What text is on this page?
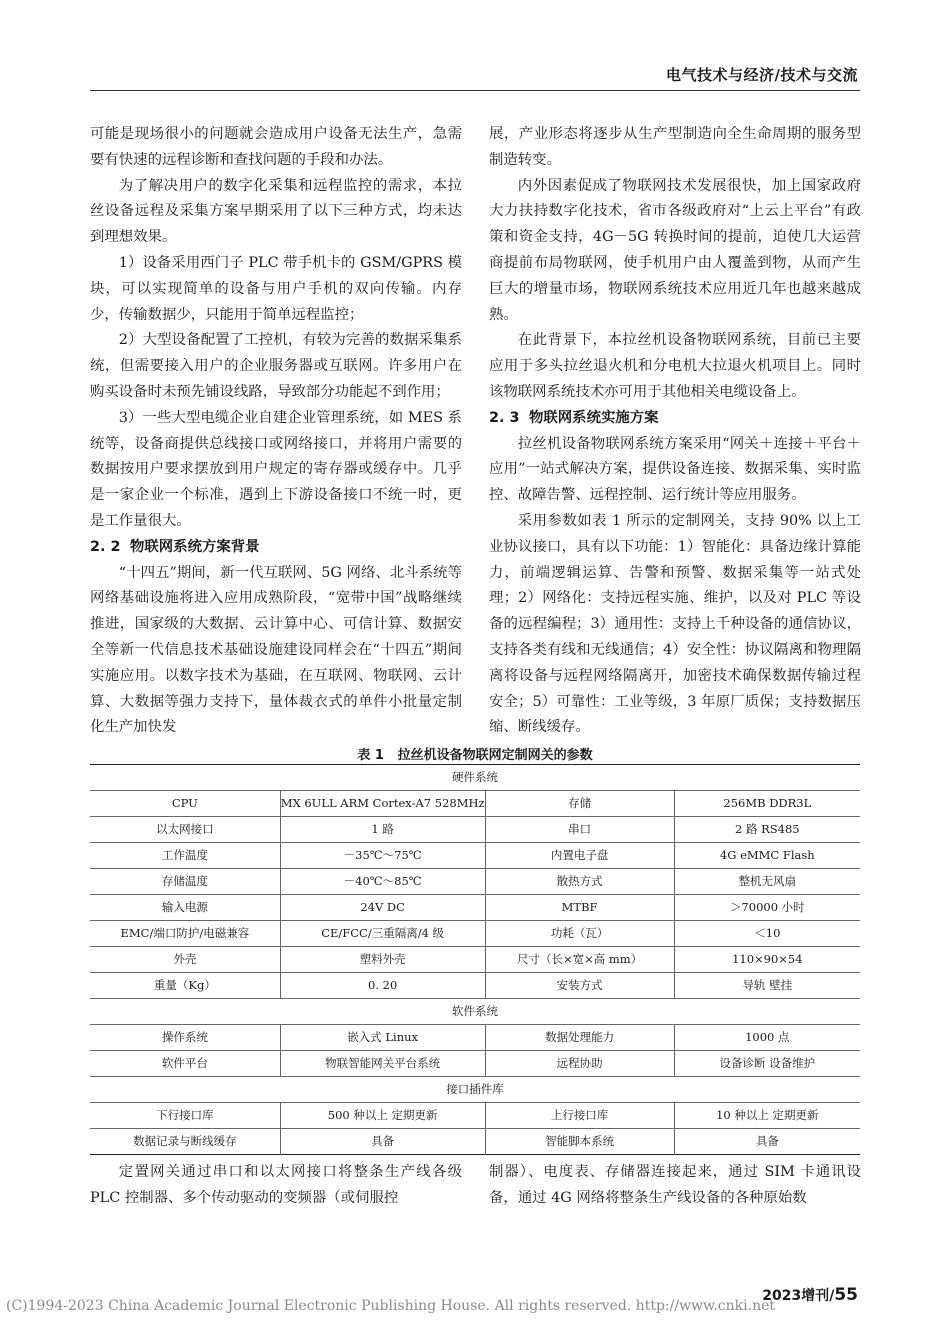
电气技术与经济∕技术与交流

可能是现场很小的问题就会造成用户设备无法生产，急需要有快速的远程诊断和查找问题的手段和办法。

为了解决用户的数字化采集和远程监控的需求，本拉丝设备远程及采集方案早期采用了以下三种方式，均未达到理想效果。

1）设备采用西门子 PLC 带手机卡的 GSM/GPRS 模块，可以实现简单的设备与用户手机的双向传输。内存少，传输数据少，只能用于简单远程监控；

2）大型设备配置了工控机，有较为完善的数据采集系统，但需要接入用户的企业服务器或互联网。许多用户在购买设备时未预先铺设线路，导致部分功能起不到作用；

3）一些大型电缆企业自建企业管理系统，如 MES 系统等，设备商提供总线接口或网络接口，并将用户需要的数据按用户要求摆放到用户规定的寄存器或缓存中。几乎是一家企业一个标准，遇到上下游设备接口不统一时，更是工作量很大。

2. 2 物联网系统方案背景

“十四五”期间，新一代互联网、5G 网络、北斗系统等网络基础设施将进入应用成熟阶段，“宽带中国”战略继续推进，国家级的大数据、云计算中心、可信计算、数据安全等新一代信息技术基础设施建设同样会在“十四五”期间实施应用。以数字技术为基础，在互联网、物联网、云计算、大数据等强力支持下，量体裁衣式的单件小批量定制化生产加快发

展，产业形态将逐步从生产型制造向全生命周期的服务型制造转变。

内外因素促成了物联网技术发展很快，加上国家政府大力扶持数字化技术，省市各级政府对“上云上平台”有政策和资金支持，4G－5G 转换时间的提前，迫使几大运营商提前布局物联网，使手机用户由人覆盖到物，从而产生巨大的增量市场，物联网系统技术应用近几年也越来越成熟。

在此背景下，本拉丝机设备物联网系统，目前已主要应用于多头拉丝退火机和分电机大拉退火机项目上。同时该物联网系统技术亦可用于其他相关电缆设备上。

2. 3 物联网系统实施方案

拉丝机设备物联网系统方案采用“网关＋连接＋平台＋应用”一站式解决方案，提供设备连接、数据采集、实时监控、故障告警、远程控制、运行统计等应用服务。

采用参数如表 1 所示的定制网关，支持 90% 以上工业协议接口，具有以下功能：1）智能化：具备边缘计算能力，前端逻辑运算、告警和预警、数据采集等一站式处理；2）网络化：支持远程实施、维护，以及对 PLC 等设备的远程编程；3）通用性：支持上千种设备的通信协议，支持各类有线和无线通信；4）安全性：协议隔离和物理隔离将设备与远程网络隔离开，加密技术确保数据传输过程安全；5）可靠性：工业等级，3 年原厂质保；支持数据压缩、断线缓存。

表 1 拉丝机设备物联网定制网关的参数
硬件系统			
CPU	MX 6ULL ARM Cortex-A7 528MHz	存储	256MB DDR3L
以太网接口	1 路	串口	2 路 RS485
工作温度	－35℃～75℃	内置电子盘	4G eMMC Flash
存储温度	－40℃～85℃	散热方式	整机无风扇
输入电源	24V DC	MTBF	＞70000 小时
EMC/端口防护/电磁兼容	CE/FCC/三重隔离/4 级	功耗（瓦）	＜10
外壳	塑料外壳	尺寸（长×宽×高 mm）	110×90×54
重量（Kg）	0. 20	安装方式	导轨 壁挂
软件系统			
操作系统	嵌入式 Linux	数据处理能力	1000 点
软件平台	物联智能网关平台系统	远程协助	设备诊断 设备维护
接口插件库			
下行接口库	500 种以上 定期更新	上行接口库	10 种以上 定期更新
数据记录与断线缓存	具备	智能脚本系统	具备

定置网关通过串口和以太网接口将整条生产线各级 PLC 控制器、多个传动驱动的变频器（或伺服控

制器）、电度表、存储器连接起来，通过 SIM 卡通讯设备，通过 4G 网络将整条生产线设备的各种原始数

2023增刊/55
(C)1994-2023 China Academic Journal Electronic Publishing House. All rights reserved. http://www.cnki.net
